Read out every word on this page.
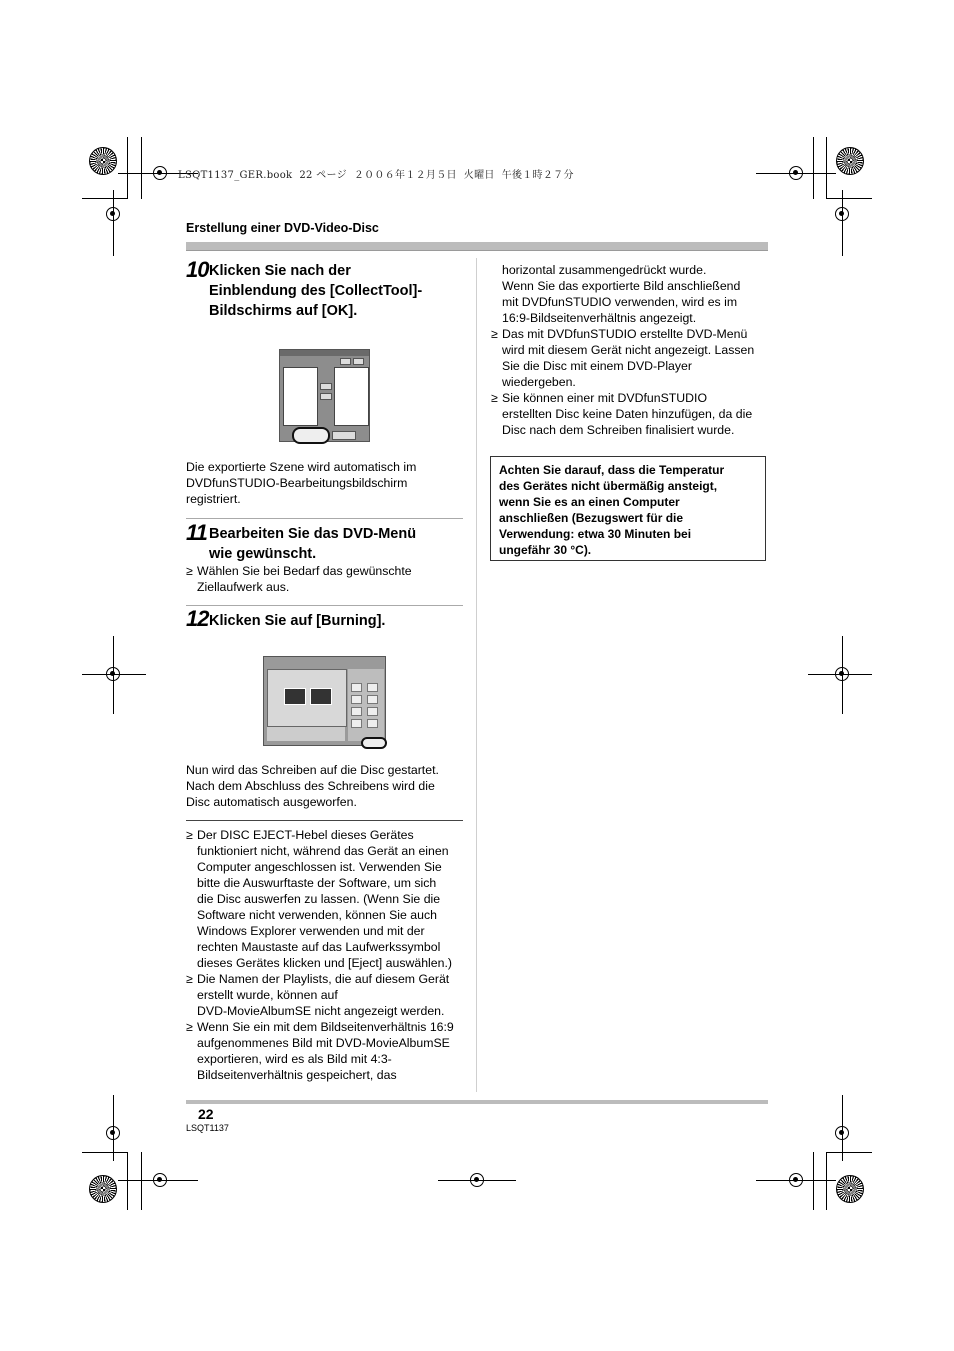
LSQT1137_GER.book  22 ページ  ２００６年１２月５日  火曜日  午後１時２７分
Erstellung einer DVD-Video-Disc
10 Klicken Sie nach der
Einblendung des [CollectTool]-
Bildschirms auf [OK].
Die exportierte Szene wird automatisch im
DVDfunSTUDIO-Bearbeitungsbildschirm
registriert.
11 Bearbeiten Sie das DVD-Menü
wie gewünscht.
≥ Wählen Sie bei Bedarf das gewünschte
Ziellaufwerk aus.
12 Klicken Sie auf [Burning].
Nun wird das Schreiben auf die Disc gestartet.
Nach dem Abschluss des Schreibens wird die
Disc automatisch ausgeworfen.
≥ Der DISC EJECT-Hebel dieses Gerätes
funktioniert nicht, während das Gerät an einen
Computer angeschlossen ist. Verwenden Sie
bitte die Auswurftaste der Software, um sich
die Disc auswerfen zu lassen. (Wenn Sie die
Software nicht verwenden, können Sie auch
Windows Explorer verwenden und mit der
rechten Maustaste auf das Laufwerkssymbol
dieses Gerätes klicken und [Eject] auswählen.)
≥ Die Namen der Playlists, die auf diesem Gerät
erstellt wurde, können auf
DVD-MovieAlbumSE nicht angezeigt werden.
≥ Wenn Sie ein mit dem Bildseitenverhältnis 16:9
aufgenommenes Bild mit DVD-MovieAlbumSE
exportieren, wird es als Bild mit 4:3-
Bildseitenverhältnis gespeichert, das
horizontal zusammengedrückt wurde.
Wenn Sie das exportierte Bild anschließend
mit DVDfunSTUDIO verwenden, wird es im
16:9-Bildseitenverhältnis angezeigt.
≥ Das mit DVDfunSTUDIO erstellte DVD-Menü
wird mit diesem Gerät nicht angezeigt. Lassen
Sie die Disc mit einem DVD-Player
wiedergeben.
≥ Sie können einer mit DVDfunSTUDIO
erstellten Disc keine Daten hinzufügen, da die
Disc nach dem Schreiben finalisiert wurde.
Achten Sie darauf, dass die Temperatur
des Gerätes nicht übermäßig ansteigt,
wenn Sie es an einen Computer
anschließen (Bezugswert für die
Verwendung: etwa 30 Minuten bei
ungefähr 30 °C).
22
LSQT1137
